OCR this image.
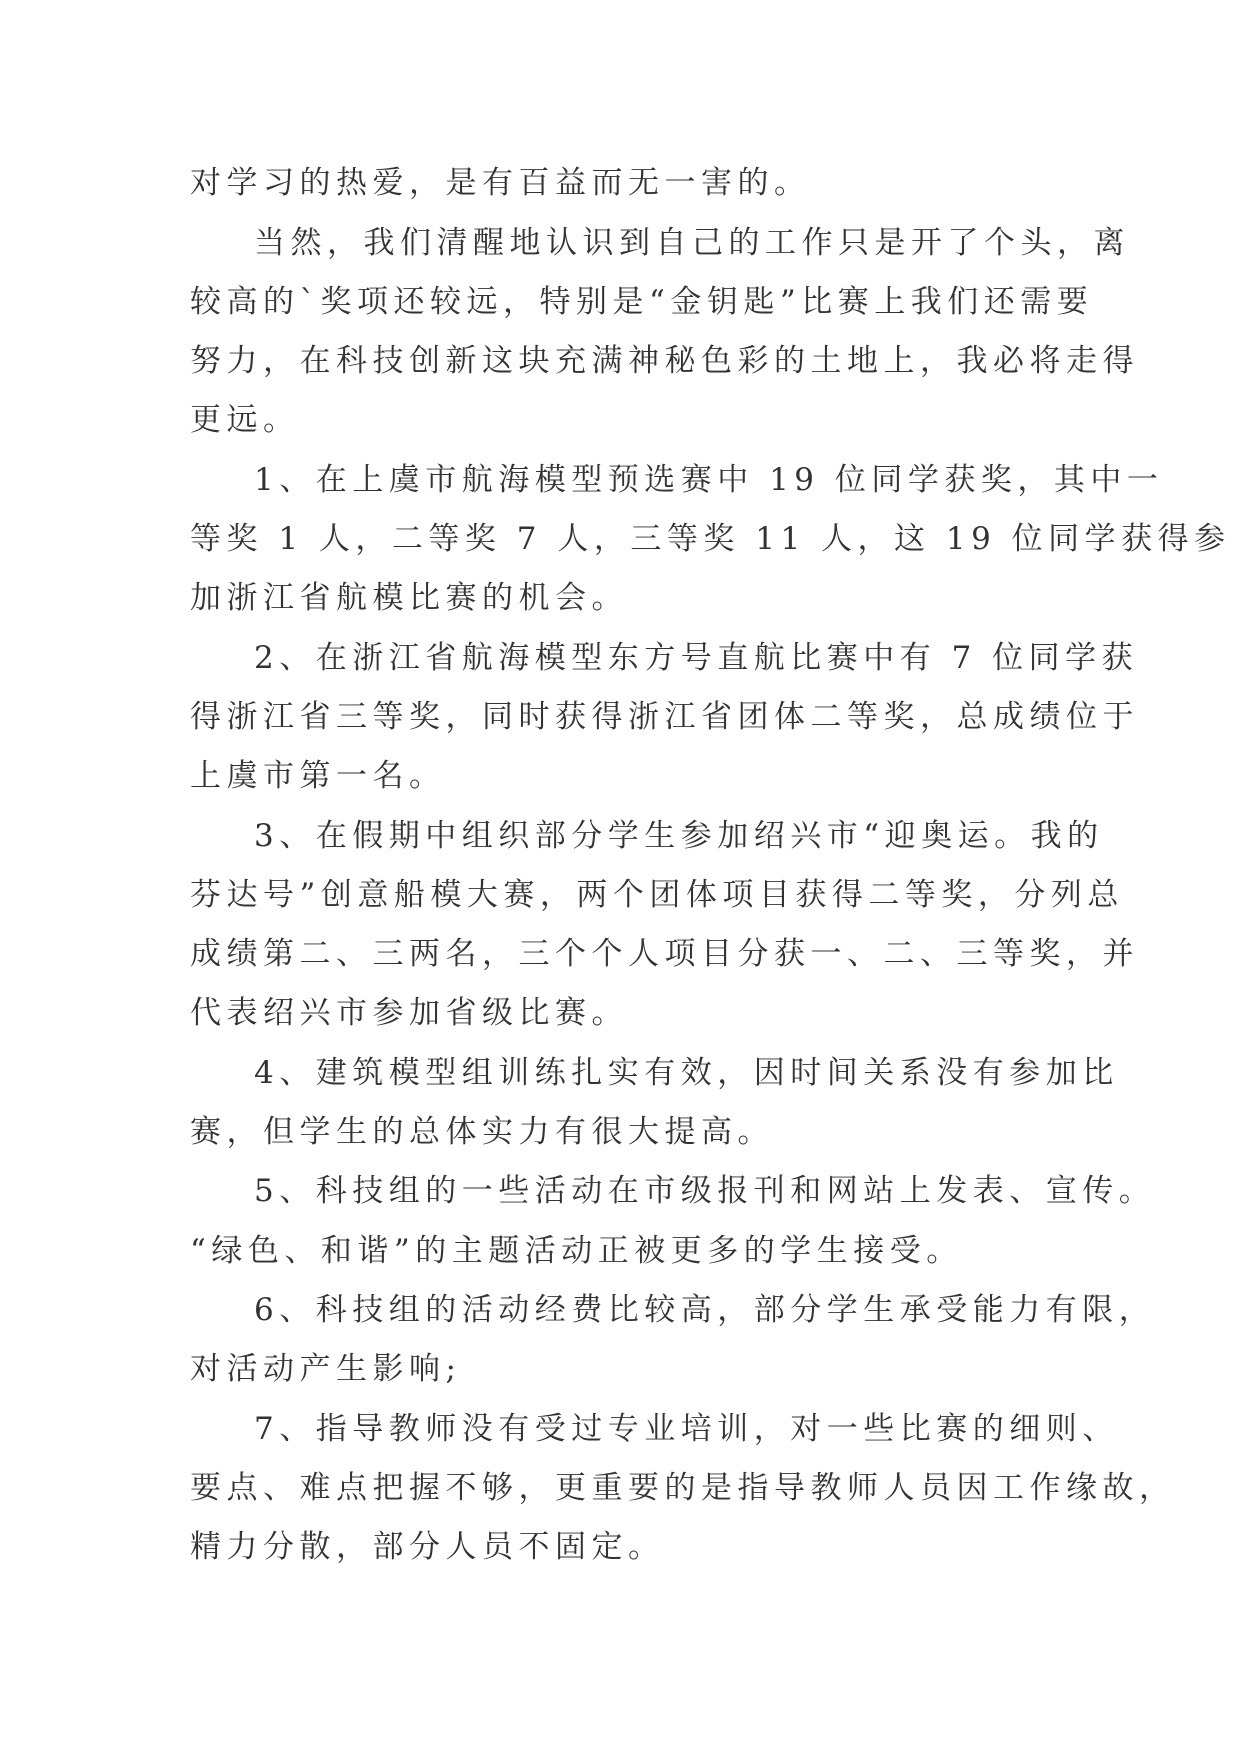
对学习的热爱，是有百益而无一害的。
当然，我们清醒地认识到自己的工作只是开了个头，离
较高的`奖项还较远，特别是“金钥匙”比赛上我们还需要
努力，在科技创新这块充满神秘色彩的土地上，我必将走得
更远。
1、在上虞市航海模型预选赛中 19 位同学获奖，其中一
等奖 1 人，二等奖 7 人，三等奖 11 人，这 19 位同学获得参
加浙江省航模比赛的机会。
2、在浙江省航海模型东方号直航比赛中有 7 位同学获
得浙江省三等奖，同时获得浙江省团体二等奖，总成绩位于
上虞市第一名。
3、在假期中组织部分学生参加绍兴市“迎奥运。我的
芬达号”创意船模大赛，两个团体项目获得二等奖，分列总
成绩第二、三两名，三个个人项目分获一、二、三等奖，并
代表绍兴市参加省级比赛。
4、建筑模型组训练扎实有效，因时间关系没有参加比
赛，但学生的总体实力有很大提高。
5、科技组的一些活动在市级报刊和网站上发表、宣传。
“绿色、和谐”的主题活动正被更多的学生接受。
6、科技组的活动经费比较高，部分学生承受能力有限，
对活动产生影响;
7、指导教师没有受过专业培训，对一些比赛的细则、
要点、难点把握不够，更重要的是指导教师人员因工作缘故，
精力分散，部分人员不固定。
